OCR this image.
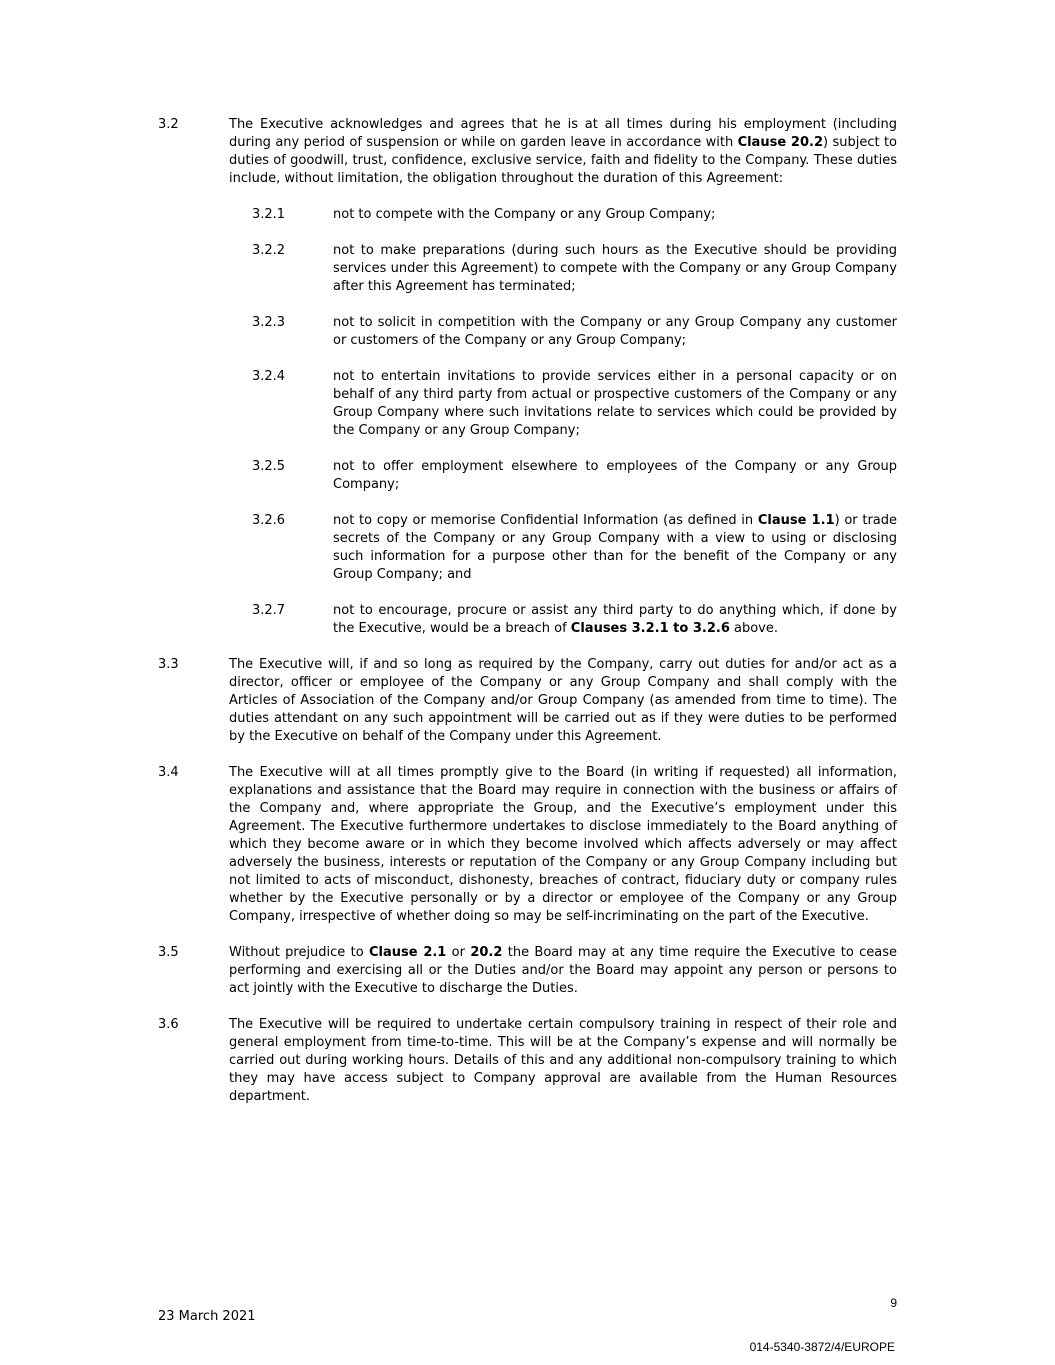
3.2	The Executive acknowledges and agrees that he is at all times during his employment (including during any period of suspension or while on garden leave in accordance with Clause 20.2) subject to duties of goodwill, trust, confidence, exclusive service, faith and fidelity to the Company. These duties include, without limitation, the obligation throughout the duration of this Agreement:
3.2.1	not to compete with the Company or any Group Company;
3.2.2	not to make preparations (during such hours as the Executive should be providing services under this Agreement) to compete with the Company or any Group Company after this Agreement has terminated;
3.2.3	not to solicit in competition with the Company or any Group Company any customer or customers of the Company or any Group Company;
3.2.4	not to entertain invitations to provide services either in a personal capacity or on behalf of any third party from actual or prospective customers of the Company or any Group Company where such invitations relate to services which could be provided by the Company or any Group Company;
3.2.5	not to offer employment elsewhere to employees of the Company or any Group Company;
3.2.6	not to copy or memorise Confidential Information (as defined in Clause 1.1) or trade secrets of the Company or any Group Company with a view to using or disclosing such information for a purpose other than for the benefit of the Company or any Group Company; and
3.2.7	not to encourage, procure or assist any third party to do anything which, if done by the Executive, would be a breach of Clauses 3.2.1 to 3.2.6 above.
3.3	The Executive will, if and so long as required by the Company, carry out duties for and/or act as a director, officer or employee of the Company or any Group Company and shall comply with the Articles of Association of the Company and/or Group Company (as amended from time to time). The duties attendant on any such appointment will be carried out as if they were duties to be performed by the Executive on behalf of the Company under this Agreement.
3.4	The Executive will at all times promptly give to the Board (in writing if requested) all information, explanations and assistance that the Board may require in connection with the business or affairs of the Company and, where appropriate the Group, and the Executive’s employment under this Agreement. The Executive furthermore undertakes to disclose immediately to the Board anything of which they become aware or in which they become involved which affects adversely or may affect adversely the business, interests or reputation of the Company or any Group Company including but not limited to acts of misconduct, dishonesty, breaches of contract, fiduciary duty or company rules whether by the Executive personally or by a director or employee of the Company or any Group Company, irrespective of whether doing so may be self-incriminating on the part of the Executive.
3.5	Without prejudice to Clause 2.1 or 20.2 the Board may at any time require the Executive to cease performing and exercising all or the Duties and/or the Board may appoint any person or persons to act jointly with the Executive to discharge the Duties.
3.6	The Executive will be required to undertake certain compulsory training in respect of their role and general employment from time-to-time. This will be at the Company’s expense and will normally be carried out during working hours. Details of this and any additional non-compulsory training to which they may have access subject to Company approval are available from the Human Resources department.
9
23 March 2021
014-5340-3872/4/EUROPE
